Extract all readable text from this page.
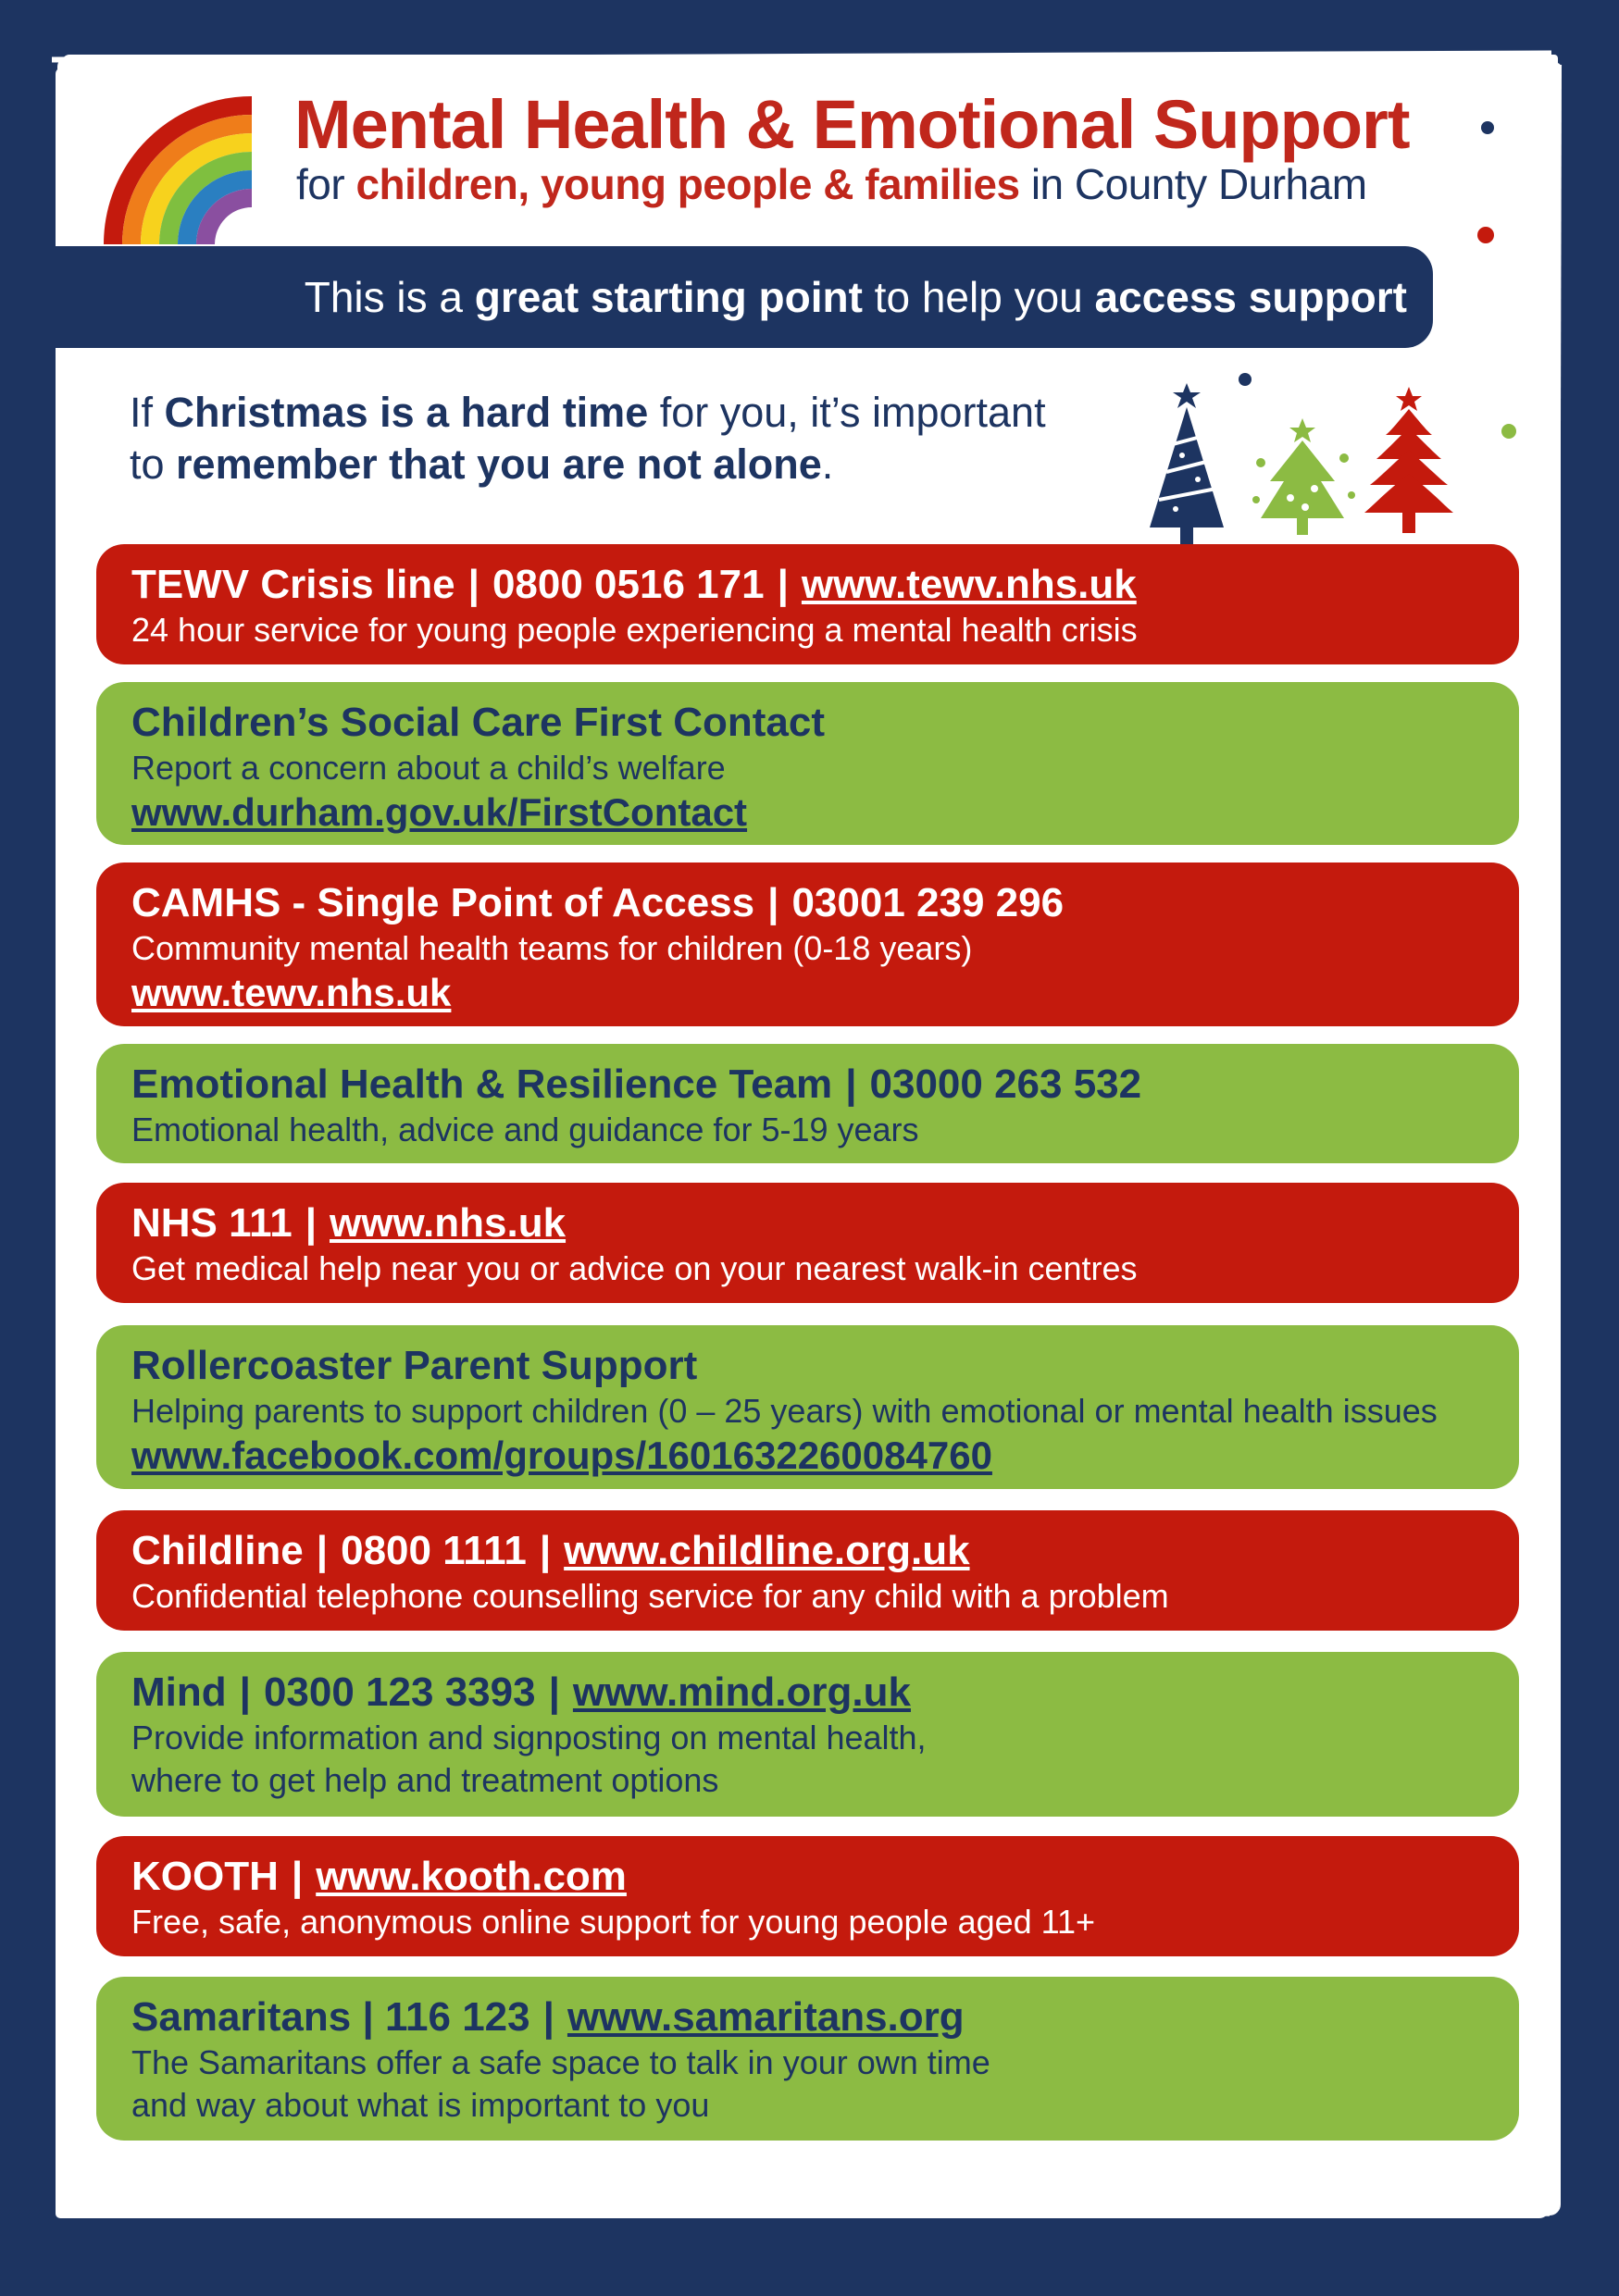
Mental Health & Emotional Support

for children, young people & families in County Durham

This is a great starting point to help you access support

If Christmas is a hard time for you, it’s important
to remember that you are not alone.

TEWV Crisis line | 0800 0516 171 | www.tewv.nhs.uk

24 hour service for young people experiencing a mental health crisis

Children’s Social Care First Contact

Report a concern about a child’s welfare

www.durham.gov.uk/FirstContact

CAMHS - Single Point of Access | 03001 239 296

Community mental health teams for children (0-18 years)

www.tewv.nhs.uk

Emotional Health & Resilience Team | 03000 263 532

Emotional health, advice and guidance for 5-19 years

NHS 111 | www.nhs.uk

Get medical help near you or advice on your nearest walk-in centres

Rollercoaster Parent Support

Helping parents to support children (0 – 25 years) with emotional or mental health issues

www.facebook.com/groups/1601632260084760

Childline | 0800 1111 | www.childline.org.uk

Confidential telephone counselling service for any child with a problem

Mind | 0300 123 3393 | www.mind.org.uk

Provide information and signposting on mental health,

where to get help and treatment options

KOOTH | www.kooth.com

Free, safe, anonymous online support for young people aged 11+

Samaritans | 116 123 | www.samaritans.org

The Samaritans offer a safe space to talk in your own time

and way about what is important to you
